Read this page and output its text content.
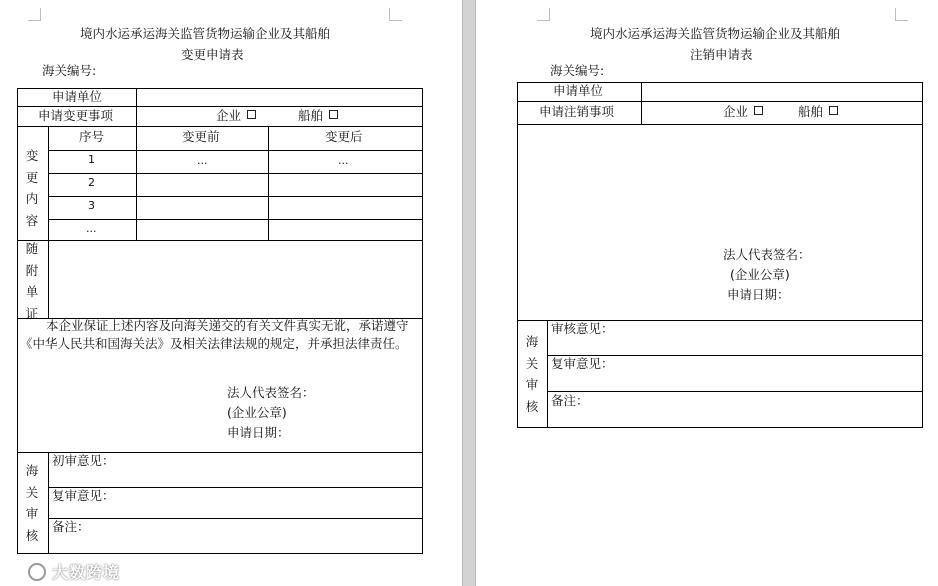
境内水运承运海关监管货物运输企业及其船舶
变更申请表
海关编号:
申请单位
申请变更事项	企业	船舶
变更内容
序号	变更前	变更后
1	...	...
2
3
...
随附单证
本企业保证上述内容及向海关递交的有关文件真实无讹，承诺遵守
《中华人民共和国海关法》及相关法律法规的规定，并承担法律责任。
法人代表签名：
(企业公章)
申请日期：
海关审核
初审意见：
复审意见：
备注：
大数跨境
境内水运承运海关监管货物运输企业及其船舶
注销申请表
海关编号:
申请单位
申请注销事项	企业	船舶
法人代表签名：
(企业公章)
申请日期：
海关审核
审核意见：
复审意见：
备注：
